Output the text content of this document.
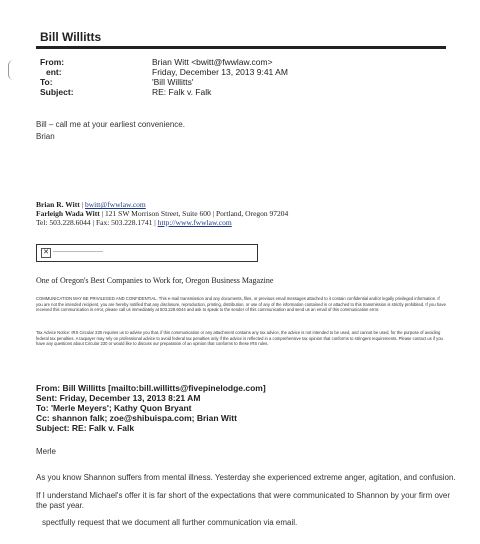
Bill Willitts
From:	Brian Witt <bwitt@fwwlaw.com>
ent:	Friday, December 13, 2013 9:41 AM
To:	'Bill Willitts'
Subject:	RE: Falk v. Falk
Bill – call me at your earliest convenience.
Brian
Brian R. Witt | bwitt@fwwlaw.com
Farleigh Wada Witt | 121 SW Morrison Street, Suite 600 | Portland, Oregon 97204
Tel: 503.228.6044 | Fax: 503.228.1741 | http://www.fwwlaw.com
✕
One of Oregon's Best Companies to Work for, Oregon Business Magazine
COMMUNICATION MAY BE PRIVILEGED AND CONFIDENTIAL. This e-mail transmission and any documents, files, or previous email messages attached to it contain confidential and/or legally privileged information. If you are not the intended recipient, you are hereby notified that any disclosure, reproduction, printing, distribution, or use of any of the information contained in or attached to this transmission is strictly prohibited. If you have received this communication in error, please call us immediately at 503.228.6044 and ask to speak to the sender of this communication and send us an email of this communication error.
Tax Advice Notice: IRS Circular 230 requires us to advise you that, if this communication or any attachment contains any tax advice, the advice is not intended to be used, and cannot be used, for the purpose of avoiding federal tax penalties. A taxpayer may rely on professional advice to avoid federal tax penalties only if the advice is reflected in a comprehensive tax opinion that conforms to stringent requirements. Please contact us if you have any questions about Circular 230 or would like to discuss our preparation of an opinion that conforms to these IRS rules.
From: Bill Willitts [mailto:bill.willitts@fivepinelodge.com]
Sent: Friday, December 13, 2013 8:21 AM
To: 'Merle Meyers'; Kathy Quon Bryant
Cc: shannon falk; zoe@shibuispa.com; Brian Witt
Subject: RE: Falk v. Falk
Merle
As you know Shannon suffers from mental illness. Yesterday she experienced extreme anger, agitation, and confusion.
If I understand Michael's offer it is far short of the expectations that were communicated to Shannon by your firm over
the past year.
spectfully request that we document all further communication via email.
